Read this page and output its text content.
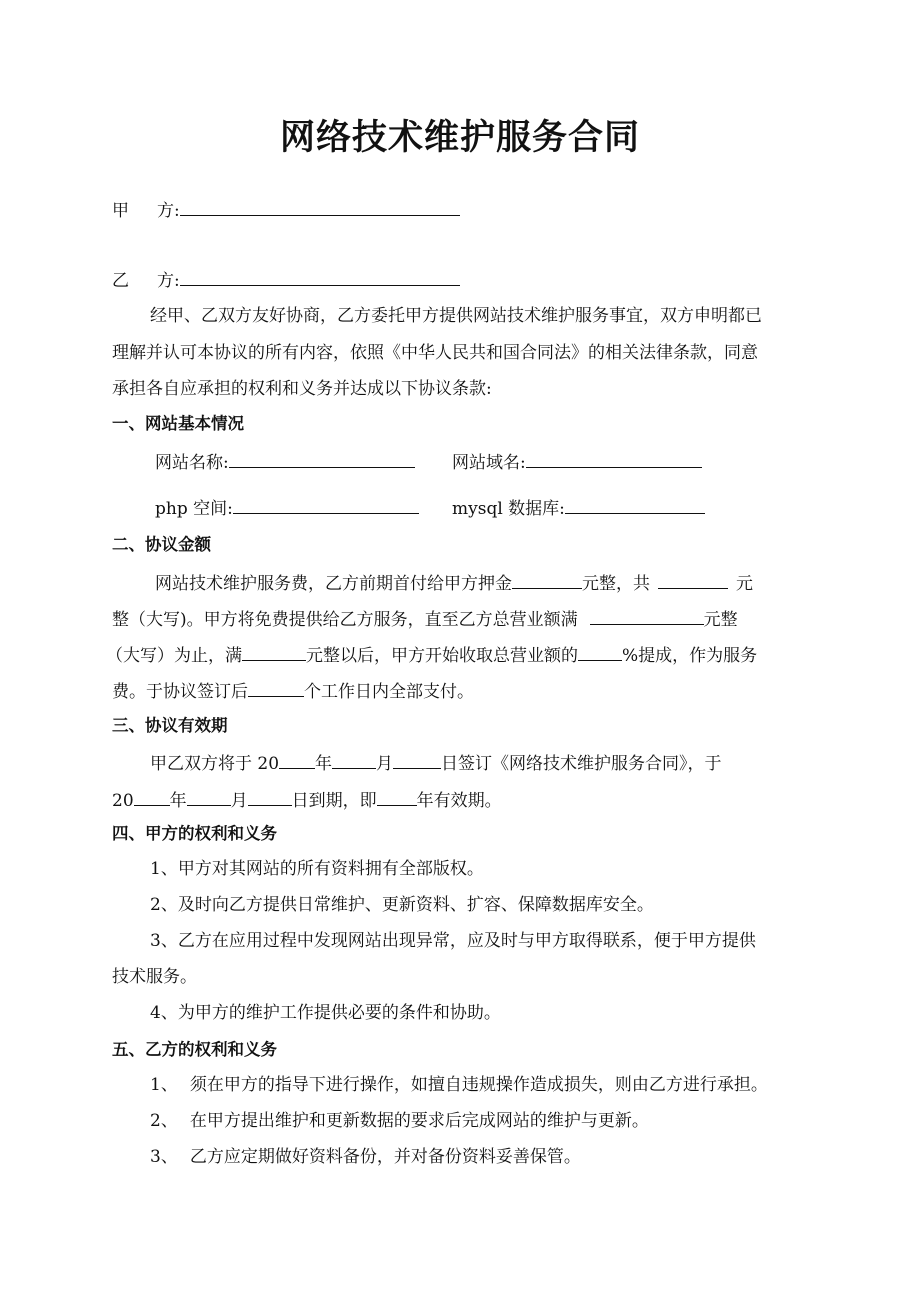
网络技术维护服务合同
甲 方:
乙 方:
经甲、乙双方友好协商，乙方委托甲方提供网站技术维护服务事宜，双方申明都已
理解并认可本协议的所有内容，依照《中华人民共和国合同法》的相关法律条款，同意
承担各自应承担的权利和义务并达成以下协议条款:
一、网站基本情况
网站名称:	网站域名:
php 空间:	mysql 数据库:
二、协议金额
网站技术维护服务费，乙方前期首付给甲方押金	元整，共	元
整（大写)。甲方将免费提供给乙方服务，直至乙方总营业额满	元整
（大写）为止，满	元整以后，甲方开始收取总营业额的	%提成，作为服务
费。于协议签订后	个工作日内全部支付。
三、协议有效期
甲乙双方将于 20 年	月	日签订《网络技术维护服务合同》，于
20 年	月	日到期，即 年有效期。
四、甲方的权利和义务
1、甲方对其网站的所有资料拥有全部版权。
2、及时向乙方提供日常维护、更新资料、扩容、保障数据库安全。
3、乙方在应用过程中发现网站出现异常，应及时与甲方取得联系，便于甲方提供
技术服务。
4、为甲方的维护工作提供必要的条件和协助。
五、乙方的权利和义务
1、 须在甲方的指导下进行操作，如擅自违规操作造成损失，则由乙方进行承担。
2、 在甲方提出维护和更新数据的要求后完成网站的维护与更新。
3、 乙方应定期做好资料备份，并对备份资料妥善保管。
